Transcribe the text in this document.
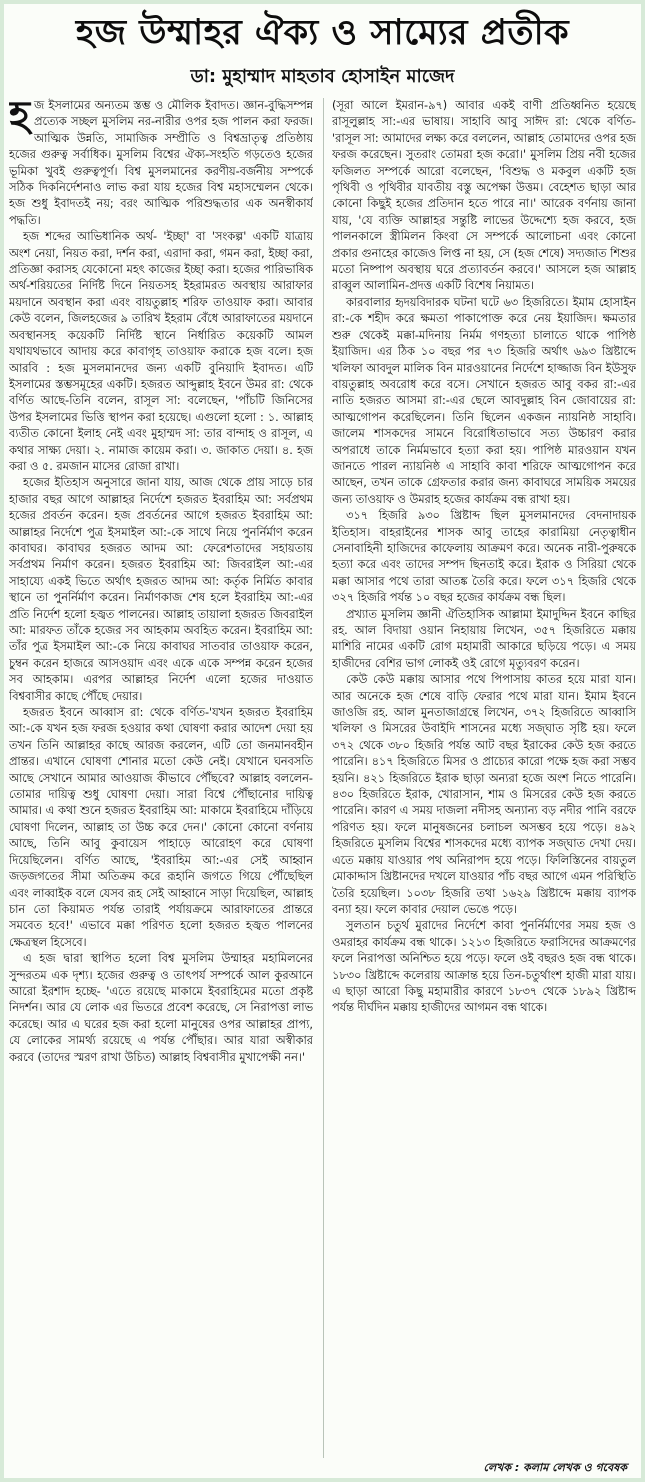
হজ উম্মাহর ঐক্য ও সাম্যের প্রতীক
ডা: মুহাম্মাদ মাহতাব হোসাইন মাজেদ

হজ ইসলামের অন্যতম স্তম্ভ ও মৌলিক ইবাদত। জ্ঞান-বুদ্ধিসম্পন্ন প্রত্যেক সচ্ছল মুসলিম নর-নারীর ওপর হজ পালন করা ফরজ। আত্মিক উন্নতি, সামাজিক সম্প্রীতি ও বিশ্বভ্রাতৃত্ব প্রতিষ্ঠায় হজের গুরুত্ব সর্বাধিক। মুসলিম বিশ্বের ঐক্য-সংহতি গড়তেও হজের ভূমিকা খুবই গুরুত্বপূর্ণ। বিশ্ব মুসলমানের করণীয়-বর্জনীয় সম্পর্কে সঠিক দিকনির্দেশনাও লাভ করা যায় হজের বিশ্ব মহাসম্মেলন থেকে। হজ শুধু ইবাদতই নয়; বরং আত্মিক পরিশুদ্ধতার এক অনস্বীকার্য পদ্ধতি।

হজ শব্দের আভিধানিক অর্থ- 'ইচ্ছা' বা 'সংকল্প' একটি যাত্রায় অংশ নেয়া, নিয়ত করা, দর্শন করা, এরাদা করা, গমন করা, ইচ্ছা করা, প্রতিজ্ঞা করাসহ যেকোনো মহৎ কাজের ইচ্ছা করা। হজের পারিভাষিক অর্থ-শরিয়তের নির্দিষ্ট দিনে নিয়তসহ ইহরামরত অবস্থায় আরাফার ময়দানে অবস্থান করা এবং বায়তুল্লাহ শরিফ তাওয়াফ করা। আবার কেউ বলেন, জিলহজের ৯ তারিখ ইহরাম বেঁধে আরাফাতের ময়দানে অবস্থানসহ কয়েকটি নির্দিষ্ট স্থানে নির্ধারিত কয়েকটি আমল যথাযথভাবে আদায় করে কাবাগৃহ তাওয়াফ করাকে হজ বলে। হজ আরবি : হজ মুসলমানদের জন্য একটি বুনিয়াদি ইবাদত। এটি ইসলামের স্তম্ভসমূহের একটি। হজরত আব্দুল্লাহ ইবনে উমর রা: থেকে বর্ণিত আছে-তিনি বলেন, রাসূল সা: বলেছেন, 'পাঁচটি জিনিসের উপর ইসলামের ভিত্তি স্থাপন করা হয়েছে। এগুলো হলো : ১. আল্লাহ ব্যতীত কোনো ইলাহ নেই এবং মুহাম্মদ সা: তার বান্দাহ ও রাসূল, এ কথার সাক্ষ্য দেয়া। ২. নামাজ কায়েম করা। ৩. জাকাত দেয়া। ৪. হজ করা ও ৫. রমজান মাসের রোজা রাখা।

হজের ইতিহাস অনুসারে জানা যায়, আজ থেকে প্রায় সাড়ে চার হাজার বছর আগে আল্লাহর নির্দেশে হজরত ইবরাহিম আ: সর্বপ্রথম হজের প্রবর্তন করেন। হজ প্রবর্তনের আগে হজরত ইবরাহিম আ: আল্লাহর নির্দেশে পুত্র ইসমাইল আ:-কে সাথে নিয়ে পুনর্নির্মাণ করেন কাবাঘর। কাবাঘর হজরত আদম আ: ফেরেশতাদের সহায়তায় সর্বপ্রথম নির্মাণ করেন। হজরত ইবরাহিম আ: জিবরাইল আ:-এর সাহায্যে একই ভিতে অর্থাৎ হজরত আদম আ: কর্তৃক নির্মিত কাবার স্থানে তা পুনর্নির্মাণ করেন। নির্মাণকাজ শেষ হলে ইবরাহিম আ:-এর প্রতি নির্দেশ হলো হজ্বত পালনের। আল্লাহ তায়ালা হজরত জিবরাইল আ: মারফত তাঁকে হজের সব আহকাম অবহিত করেন। ইবরাহিম আ: তাঁর পুত্র ইসমাইল আ:-কে নিয়ে কাবাঘর সাতবার তাওয়াফ করেন, চুম্বন করেন হাজরে আসওয়াদ এবং একে একে সম্পন্ন করেন হজের সব আহকাম। এরপর আল্লাহর নির্দেশ এলো হজের দাওয়াত বিশ্ববাসীর কাছে পৌঁছে দেয়ার।

হজরত ইবনে আব্বাস রা: থেকে বর্ণিত-'যখন হজরত ইবরাহিম আ:-কে যখন হজ ফরজ হওয়ার কথা ঘোষণা করার আদেশ দেয়া হয় তখন তিনি আল্লাহর কাছে আরজ করলেন, এটি তো জনমানবহীন প্রান্তর। এখানে ঘোষণা শোনার মতো কেউ নেই। যেখানে ঘনবসতি আছে সেখানে আমার আওয়াজ কীভাবে পৌঁছবে? আল্লাহ বললেন- তোমার দায়িত্ব শুধু ঘোষণা দেয়া। সারা বিশ্বে পৌঁছানোর দায়িত্ব আমার। এ কথা শুনে হজরত ইবরাহিম আ: মাকামে ইবরাহিমে দাঁড়িয়ে ঘোষণা দিলেন, আল্লাহ তা উচ্চ করে দেন।' কোনো কোনো বর্ণনায় আছে, তিনি আবু কুবায়েস পাহাড়ে আরোহণ করে ঘোষণা দিয়েছিলেন। বর্ণিত আছে, 'ইবরাহিম আ:-এর সেই আহ্বান জড়জগতের সীমা অতিক্রম করে রূহানি জগতে গিয়ে পৌঁছেছিল এবং লাব্বাইক বলে যেসব রূহ সেই আহ্বানে সাড়া দিয়েছিল, আল্লাহ চান তো কিয়ামত পর্যন্ত তারাই পর্যায়ক্রমে আরাফাতের প্রান্তরে সমবেত হবে!' এভাবে মক্কা পরিণত হলো হজরত হজ্বত পালনের ক্ষেত্রস্থল হিসেবে।

এ হজ দ্বারা স্থাপিত হলো বিশ্ব মুসলিম উম্মাহর মহামিলনের সুন্দরতম এক দৃশ্য। হজের গুরুত্ব ও তাৎপর্য সম্পর্কে আল কুরআনে আরো ইরশাদ হচ্ছে- 'এতে রয়েছে মাকামে ইবরাহিমের মতো প্রকৃষ্ট নিদর্শন। আর যে লোক এর ভিতরে প্রবেশ করেছে, সে নিরাপত্তা লাভ করেছে। আর এ ঘরের হজ করা হলো মানুষের ওপর আল্লাহর প্রাপ্য, যে লোকের সামর্থ্য রয়েছে এ পর্যন্ত পৌঁছার। আর যারা অস্বীকার করবে (তাদের স্মরণ রাখা উচিত) আল্লাহ বিশ্ববাসীর মুখাপেক্ষী নন।'

(সূরা আলে ইমরান-৯৭) আবার একই বাণী প্রতিধ্বনিত হয়েছে রাসূলুল্লাহ সা:-এর ভাষায়। সাহাবি আবু সাঈদ রা: থেকে বর্ণিত- 'রাসূল সা: আমাদের লক্ষ্য করে বললেন, আল্লাহ তোমাদের ওপর হজ ফরজ করেছেন। সুতরাং তোমরা হজ করো।' মুসলিম প্রিয় নবী হজের ফজিলত সম্পর্কে আরো বলেছেন, 'বিশুদ্ধ ও মকবুল একটি হজ পৃথিবী ও পৃথিবীর যাবতীয় বস্তু অপেক্ষা উত্তম। বেহেশত ছাড়া আর কোনো কিছুই হজের প্রতিদান হতে পারে না।' আরেক বর্ণনায় জানা যায়, 'যে ব্যক্তি আল্লাহর সন্তুষ্টি লাভের উদ্দেশ্যে হজ করবে, হজ পালনকালে স্ত্রীমিলন কিংবা সে সম্পর্কে আলোচনা এবং কোনো প্রকার গুনাহের কাজেও লিপ্ত না হয়, সে (হজ শেষে) সদ্যজাত শিশুর মতো নিষ্পাপ অবস্থায় ঘরে প্রত্যাবর্তন করবে।' আসলে হজ আল্লাহ রাব্বুল আলামিন-প্রদত্ত একটি বিশেষ নিয়ামত।

কারবালার হৃদয়বিদারক ঘটনা ঘটে ৬৩ হিজরিতে। ইমাম হোসাইন রা:-কে শহীদ করে ক্ষমতা পাকাপোক্ত করে নেয় ইয়াজিদ। ক্ষমতার শুরু থেকেই মক্কা-মদিনায় নির্মম গণহত্যা চালাতে থাকে পাপিষ্ঠ ইয়াজিদ। এর ঠিক ১০ বছর পর ৭৩ হিজরি অর্থাৎ ৬৯৩ খ্রিষ্টাব্দে খলিফা আবদুল মালিক বিন মারওয়ানের নির্দেশে হাজ্জাজ বিন ইউসুফ বায়তুল্লাহ অবরোধ করে বসে। সেখানে হজরত আবু বকর রা:-এর নাতি হজরত আসমা রা:-এর ছেলে আবদুল্লাহ বিন জোবায়ের রা: আত্মগোপন করেছিলেন। তিনি ছিলেন একজন ন্যায়নিষ্ঠ সাহাবি। জালেম শাসকদের সামনে বিরোধিতাভাবে সত্য উচ্চারণ করার অপরাধে তাকে নির্মমভাবে হত্যা করা হয়। পাপিষ্ঠ মারওয়ান যখন জানতে পারল ন্যায়নিষ্ঠ এ সাহাবি কাবা শরিফে আত্মগোপন করে আছেন, তখন তাকে গ্রেফতার করার জন্য কাবাঘরে সাময়িক সময়ের জন্য তাওয়াফ ও উমরাহ হজের কার্যক্রম বন্ধ রাখা হয়।

৩১৭ হিজরি ৯৩০ খ্রিষ্টাব্দ ছিল মুসলমানদের বেদনাদায়ক ইতিহাস। বাহরাইনের শাসক আবু তাহের কারামিয়া নেতৃত্বাধীন সেনাবাহিনী হাজিদের কাফেলায় আক্রমণ করে। অনেক নারী-পুরুষকে হত্যা করে এবং তাদের সম্পদ ছিনতাই করে। ইরাক ও সিরিয়া থেকে মক্কা আসার পথে তারা আতঙ্ক তৈরি করে। ফলে ৩১৭ হিজরি থেকে ৩২৭ হিজরি পর্যন্ত ১০ বছর হজের কার্যক্রম বন্ধ ছিল।

প্রখ্যাত মুসলিম জ্ঞানী ঐতিহাসিক আল্লামা ইমাদুদ্দিন ইবনে কাছির রহ. আল বিদায়া ওয়ান নিহায়ায় লিখেন, ৩৫৭ হিজরিতে মক্কায় মাশিরি নামের একটি রোগ মহামারী আকারে ছড়িয়ে পড়ে। এ সময় হাজীদের বেশির ভাগ লোকই ওই রোগে মৃত্যুবরণ করেন।

কেউ কেউ মক্কায় আসার পথে পিপাসায় কাতর হয়ে মারা যান। আর অনেকে হজ শেষে বাড়ি ফেরার পথে মারা যান। ইমাম ইবনে জাওজি রহ. আল মুনতাজাগ্রন্থে লিখেন, ৩৭২ হিজরিতে আব্বাসি খলিফা ও মিসরের উবাইদি শাসনের মধ্যে সজ্ঘাত সৃষ্টি হয়। ফলে ৩৭২ থেকে ৩৮০ হিজরি পর্যন্ত আট বছর ইরাকের কেউ হজ করতে পারেনি। ৪১৭ হিজরিতে মিসর ও প্রাচ্যের কারো পক্ষে হজ করা সম্ভব হয়নি। ৪২১ হিজরিতে ইরাক ছাড়া অন্যরা হজে অংশ নিতে পারেনি। ৪৩০ হিজরিতে ইরাক, খোরাসান, শাম ও মিসরের কেউ হজ করতে পারেনি। কারণ এ সময় দাজলা নদীসহ অন্যান্য বড় নদীর পানি বরফে পরিণত হয়। ফলে মানুষজনের চলাচল অসম্ভব হয়ে পড়ে। ৪৯২ হিজরিতে মুসলিম বিশ্বের শাসকদের মধ্যে ব্যাপক সজ্ঘাত দেখা দেয়। এতে মক্কায় যাওয়ার পথ অনিরাপদ হয়ে পড়ে। ফিলিস্তিনের বায়তুল মোকাদ্দাস খ্রিষ্টানদের দখলে যাওয়ার পাঁচ বছর আগে এমন পরিস্থিতি তৈরি হয়েছিল। ১০৩৮ হিজরি তথা ১৬২৯ খ্রিষ্টাব্দে মক্কায় ব্যাপক বন্যা হয়। ফলে কাবার দেয়াল ভেঙে পড়ে।

সুলতান চতুর্থ মুরাদের নির্দেশে কাবা পুনর্নির্মাণের সময় হজ ও ওমরাহর কার্যক্রম বন্ধ থাকে। ১২১৩ হিজরিতে ফরাসিদের আক্রমণের ফলে নিরাপত্তা অনিশ্চিত হয়ে পড়ে। ফলে ওই বছরও হজ বন্ধ থাকে। ১৮৩০ খ্রিষ্টাব্দে কলেরায় আক্রান্ত হয়ে তিন-চতুর্থাংশ হাজী মারা যায়। এ ছাড়া আরো কিছু মহামারীর কারণে ১৮৩৭ থেকে ১৮৯২ খ্রিষ্টাব্দ পর্যন্ত দীর্ঘদিন মক্কায় হাজীদের আগমন বন্ধ থাকে।

লেখক : কলাম লেখক ও গবেষক
